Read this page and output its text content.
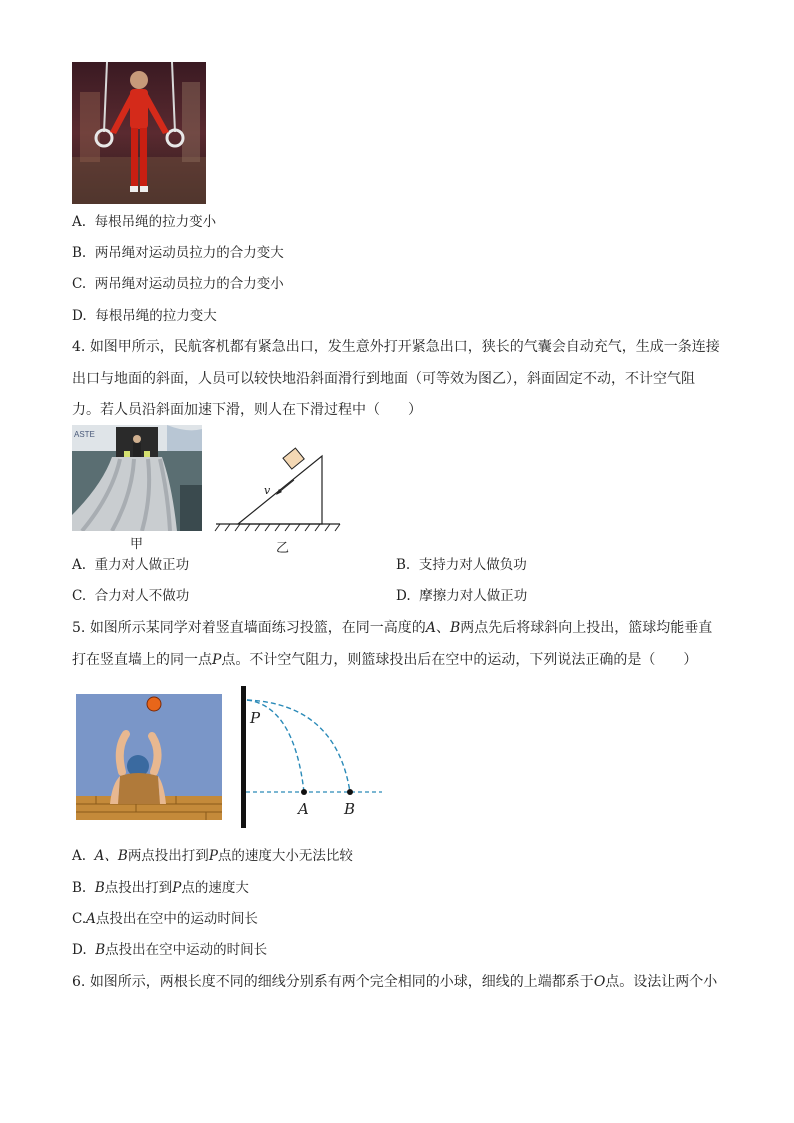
A. 每根吊绳的拉力变小
B. 两吊绳对运动员拉力的合力变大
C. 两吊绳对运动员拉力的合力变小
D. 每根吊绳的拉力变大
4. 如图甲所示，民航客机都有紧急出口，发生意外打开紧急出口，狭长的气囊会自动充气，生成一条连接
出口与地面的斜面，人员可以较快地沿斜面滑行到地面（可等效为图乙），斜面固定不动，不计空气阻
力。若人员沿斜面加速下滑，则人在下滑过程中（　　）
ASTE
甲
v
乙
A. 重力对人做正功	B. 支持力对人做负功
C. 合力对人不做功	D. 摩擦力对人做正功
5. 如图所示某同学对着竖直墙面练习投篮，在同一高度的A、B两点先后将球斜向上投出，篮球均能垂直
打在竖直墙上的同一点P点。不计空气阻力，则篮球投出后在空中的运动，下列说法正确的是（　　）
P
A B
A. A、B两点投出打到P点的速度大小无法比较
B. B点投出打到P点的速度大
C.A点投出在空中的运动时间长
D. B点投出在空中运动的时间长
6. 如图所示，两根长度不同的细线分别系有两个完全相同的小球，细线的上端都系于O点。设法让两个小
